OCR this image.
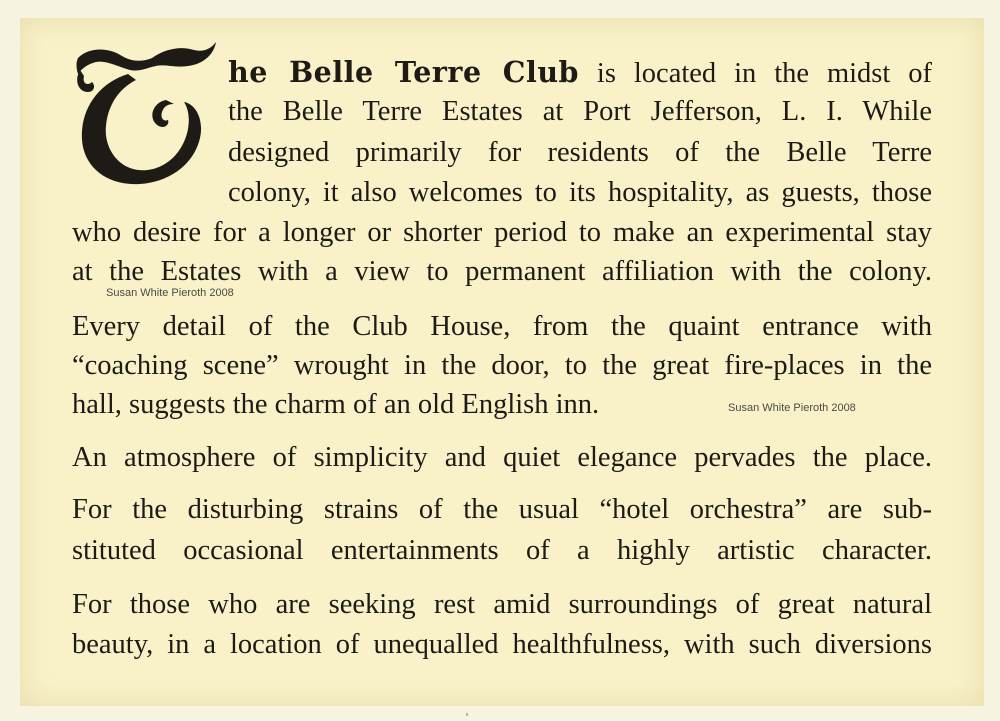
he Belle Terre Club is located in the midst of
the Belle Terre Estates at Port Jefferson, L. I. While
designed primarily for residents of the Belle Terre
colony, it also welcomes to its hospitality, as guests, those
who desire for a longer or shorter period to make an experimental stay
at the Estates with a view to permanent affiliation with the colony.
Susan White Pieroth 2008
Every detail of the Club House, from the quaint entrance with
“coaching scene” wrought in the door, to the great fire-places in the
hall, suggests the charm of an old English inn.	Susan White Pieroth 2008
An atmosphere of simplicity and quiet elegance pervades the place.
For the disturbing strains of the usual “hotel orchestra” are sub-
stituted occasional entertainments of a highly artistic character.
For those who are seeking rest amid surroundings of great natural
beauty, in a location of unequalled healthfulness, with such diversions
